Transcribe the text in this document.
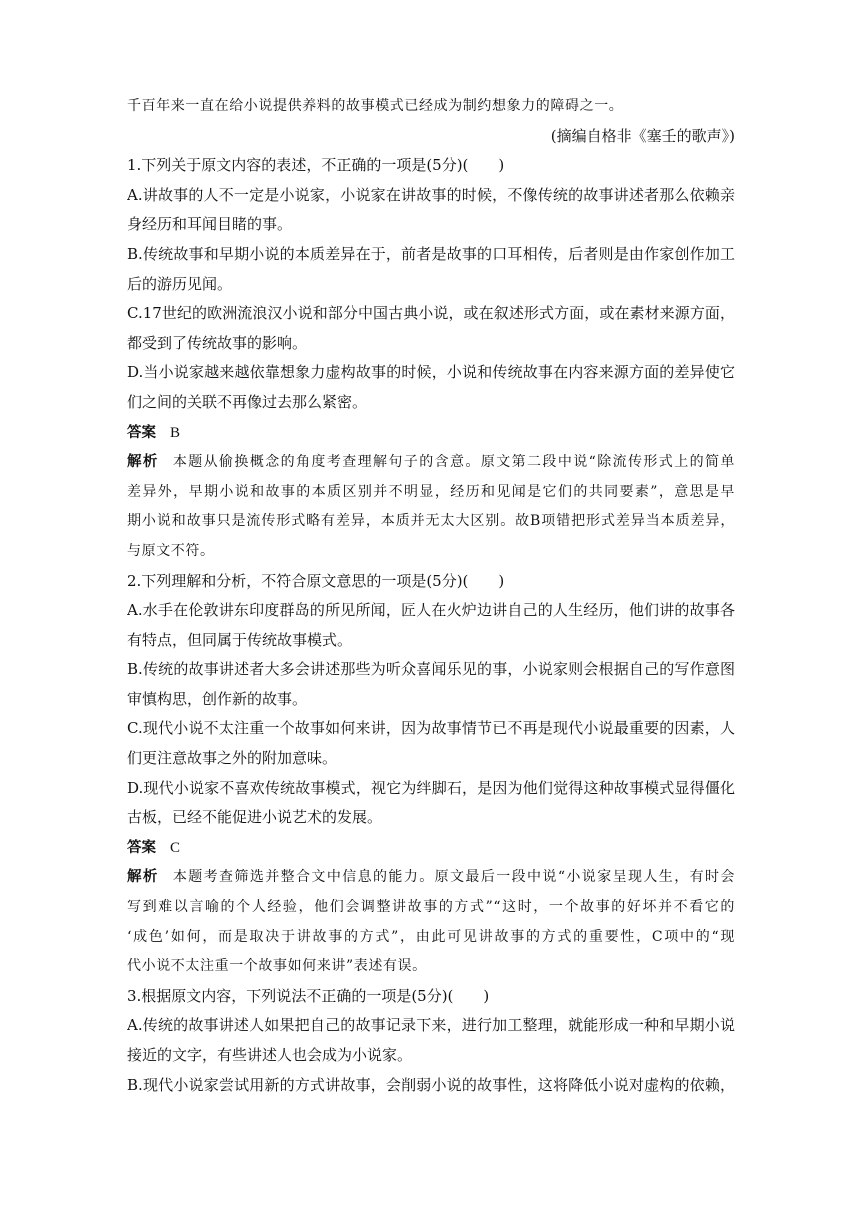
千百年来一直在给小说提供养料的故事模式已经成为制约想象力的障碍之一。
(摘编自格非《塞壬的歌声》)
1.下列关于原文内容的表述，不正确的一项是(5分)(　　)
A.讲故事的人不一定是小说家，小说家在讲故事的时候，不像传统的故事讲述者那么依赖亲
身经历和耳闻目睹的事。
B.传统故事和早期小说的本质差异在于，前者是故事的口耳相传，后者则是由作家创作加工
后的游历见闻。
C.17世纪的欧洲流浪汉小说和部分中国古典小说，或在叙述形式方面，或在素材来源方面，
都受到了传统故事的影响。
D.当小说家越来越依靠想象力虚构故事的时候，小说和传统故事在内容来源方面的差异使它
们之间的关联不再像过去那么紧密。
答案 B
解析 本题从偷换概念的角度考查理解句子的含意。原文第二段中说“除流传形式上的简单
差异外，早期小说和故事的本质区别并不明显，经历和见闻是它们的共同要素”，意思是早
期小说和故事只是流传形式略有差异，本质并无太大区别。故B项错把形式差异当本质差异，
与原文不符。
2.下列理解和分析，不符合原文意思的一项是(5分)(　　)
A.水手在伦敦讲东印度群岛的所见所闻，匠人在火炉边讲自己的人生经历，他们讲的故事各
有特点，但同属于传统故事模式。
B.传统的故事讲述者大多会讲述那些为听众喜闻乐见的事，小说家则会根据自己的写作意图
审慎构思，创作新的故事。
C.现代小说不太注重一个故事如何来讲，因为故事情节已不再是现代小说最重要的因素，人
们更注意故事之外的附加意味。
D.现代小说家不喜欢传统故事模式，视它为绊脚石，是因为他们觉得这种故事模式显得僵化
古板，已经不能促进小说艺术的发展。
答案 C
解析 本题考查筛选并整合文中信息的能力。原文最后一段中说“小说家呈现人生，有时会
写到难以言喻的个人经验，他们会调整讲故事的方式”“这时，一个故事的好坏并不看它的
‘成色’如何，而是取决于讲故事的方式”，由此可见讲故事的方式的重要性，C项中的“现
代小说不太注重一个故事如何来讲”表述有误。
3.根据原文内容，下列说法不正确的一项是(5分)(　　)
A.传统的故事讲述人如果把自己的故事记录下来，进行加工整理，就能形成一种和早期小说
接近的文字，有些讲述人也会成为小说家。
B.现代小说家尝试用新的方式讲故事，会削弱小说的故事性，这将降低小说对虚构的依赖，
